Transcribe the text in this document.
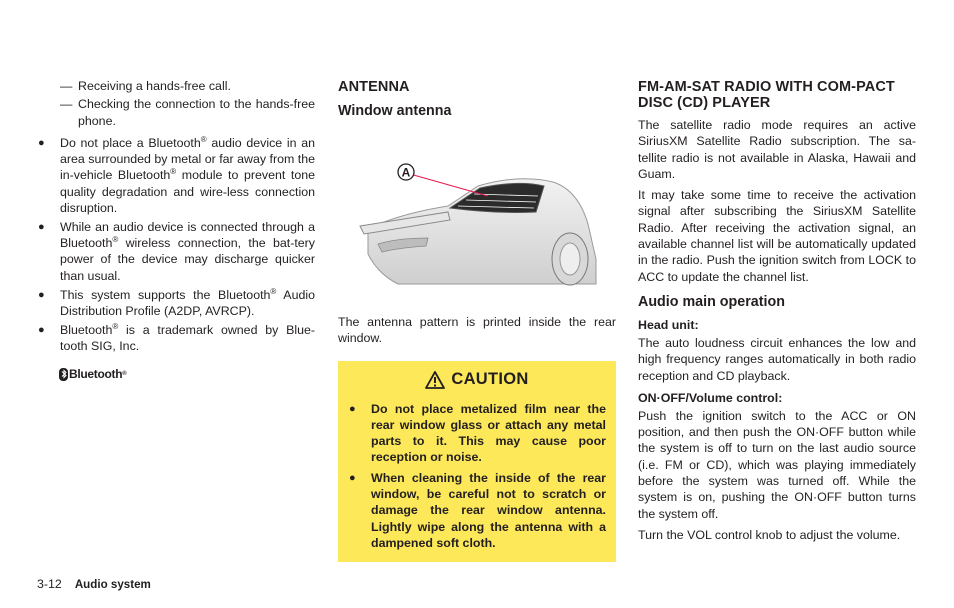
— Receiving a hands-free call.
— Checking the connection to the hands-free phone.
● Do not place a Bluetooth® audio device in an area surrounded by metal or far away from the in-vehicle Bluetooth® module to prevent tone quality degradation and wire-less connection disruption.
● While an audio device is connected through a Bluetooth® wireless connection, the bat-tery power of the device may discharge quicker than usual.
● This system supports the Bluetooth® Audio Distribution Profile (A2DP, AVRCP).
● Bluetooth® is a trademark owned by Blue-tooth SIG, Inc.
Bluetooth ®
ANTENNA
Window antenna
A
The antenna pattern is printed inside the rear window.
CAUTION
● Do not place metalized film near the rear window glass or attach any metal parts to it. This may cause poor reception or noise.
● When cleaning the inside of the rear window, be careful not to scratch or damage the rear window antenna. Lightly wipe along the antenna with a dampened soft cloth.
FM-AM-SAT RADIO WITH COM-PACT DISC (CD) PLAYER
The satellite radio mode requires an active SiriusXM Satellite Radio subscription. The sa-tellite radio is not available in Alaska, Hawaii and Guam.
It may take some time to receive the activation signal after subscribing the SiriusXM Satellite Radio. After receiving the activation signal, an available channel list will be automatically updated in the radio. Push the ignition switch from LOCK to ACC to update the channel list.
Audio main operation
Head unit:
The auto loudness circuit enhances the low and high frequency ranges automatically in both radio reception and CD playback.
ON·OFF/Volume control:
Push the ignition switch to the ACC or ON position, and then push the ON·OFF button while the system is off to turn on the last audio source (i.e. FM or CD), which was playing immediately before the system was turned off. While the system is on, pushing the ON·OFF button turns the system off.
Turn the VOL control knob to adjust the volume.
3-12 Audio system
